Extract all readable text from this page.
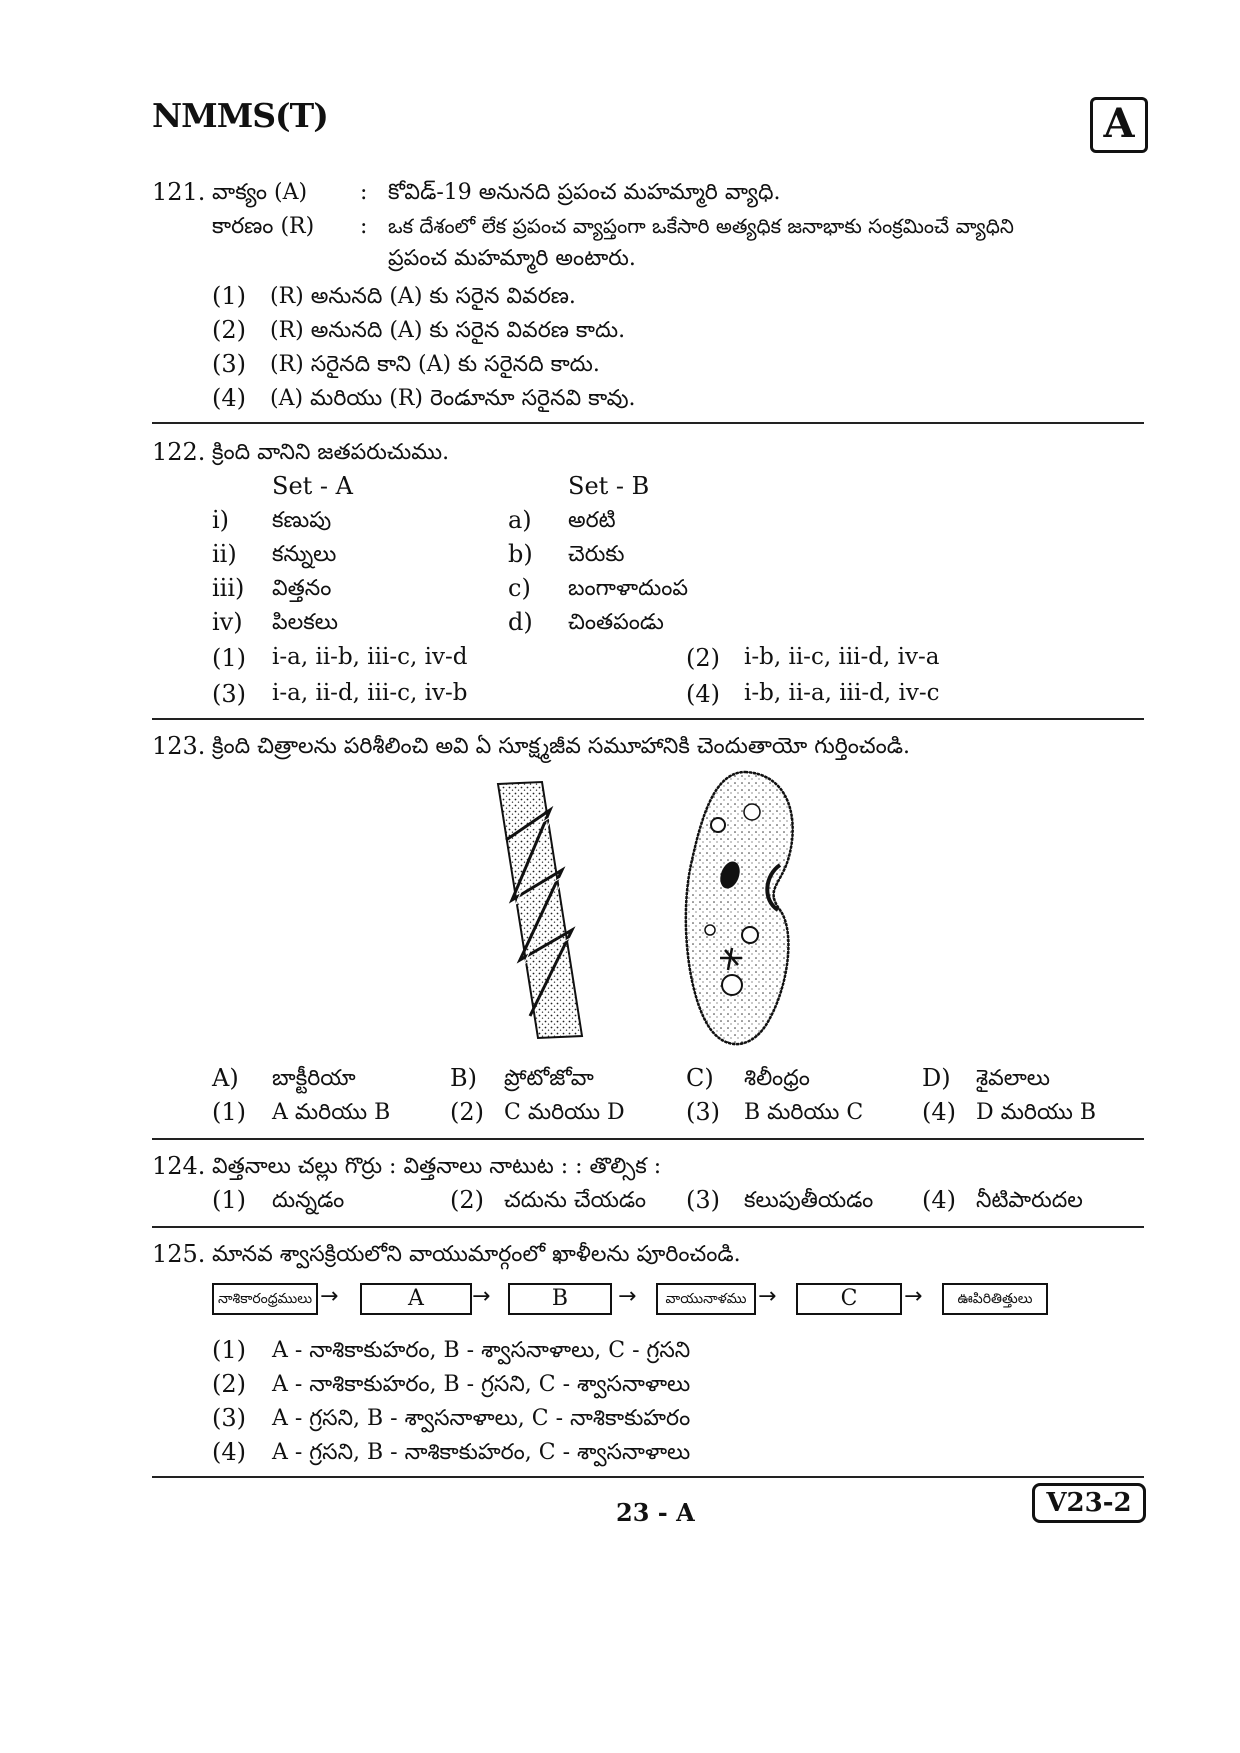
NMMS(T)	A
121. వాక్యం (A) : కోవిడ్-19 అనునది ప్రపంచ మహమ్మారి వ్యాధి.
కారణం (R) : ఒక దేశంలో లేక ప్రపంచ వ్యాప్తంగా ఒకేసారి అత్యధిక జనాభాకు సంక్రమించే వ్యాధిని
ప్రపంచ మహమ్మారి అంటారు.
(1) (R) అనునది (A) కు సరైన వివరణ.
(2) (R) అనునది (A) కు సరైన వివరణ కాదు.
(3) (R) సరైనది కాని (A) కు సరైనది కాదు.
(4) (A) మరియు (R) రెండూనూ సరైనవి కావు.
122. క్రింది వానిని జతపరుచుము.
Set - A	Set - B
i) కణుపు	a) అరటి
ii) కన్నులు	b) చెరుకు
iii) విత్తనం	c) బంగాళాదుంప
iv) పిలకలు	d) చింతపండు
(1) i-a, ii-b, iii-c, iv-d	(2) i-b, ii-c, iii-d, iv-a
(3) i-a, ii-d, iii-c, iv-b	(4) i-b, ii-a, iii-d, iv-c
123. క్రింది చిత్రాలను పరిశీలించి అవి ఏ సూక్ష్మజీవ సమూహానికి చెందుతాయో గుర్తించండి.
A) బాక్టీరియా	B) ప్రోటోజోవా	C) శిలీంధ్రం	D) శైవలాలు
(1) A మరియు B (2) C మరియు D	(3) B మరియు C (4) D మరియు B
124. విత్తనాలు చల్లు గొర్రు : విత్తనాలు నాటుట : : తొల్సిక :
(1) దున్నడం	(2) చదును చేయడం (3) కలుపుతీయడం (4) నీటిపారుదల
125. మానవ శ్వాసక్రియలోని వాయుమార్గంలో ఖాళీలను పూరించండి.
నాశికారంధ్రములు →	A	→	B	→	వాయునాళము →	C	→	ఊపిరితిత్తులు
(1) A - నాశికాకుహరం, B - శ్వాసనాళాలు, C - గ్రసని
(2) A - నాశికాకుహరం, B - గ్రసని, C - శ్వాసనాళాలు
(3) A - గ్రసని, B - శ్వాసనాళాలు, C - నాశికాకుహరం
(4) A - గ్రసని, B - నాశికాకుహరం, C - శ్వాసనాళాలు
23 - A	V23-2
